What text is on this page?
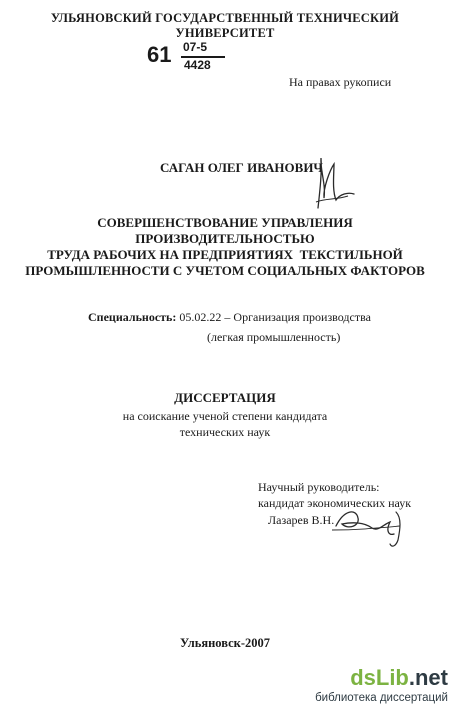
УЛЬЯНОВСКИЙ ГОСУДАРСТВЕННЫЙ ТЕХНИЧЕСКИЙ УНИВЕРСИТЕТ
61 07-5
4428
На правах рукописи
САГАН ОЛЕГ ИВАНОВИЧ
СОВЕРШЕНСТВОВАНИЕ УПРАВЛЕНИЯ
ПРОИЗВОДИТЕЛЬНОСТЬЮ
ТРУДА РАБОЧИХ НА ПРЕДПРИЯТИЯХ  ТЕКСТИЛЬНОЙ
ПРОМЫШЛЕННОСТИ С УЧЕТОМ СОЦИАЛЬНЫХ ФАКТОРОВ
Специальность: 05.02.22 – Организация производства
(легкая промышленность)
ДИССЕРТАЦИЯ
на соискание ученой степени кандидата
технических наук
Научный руководитель:
кандидат экономических наук
Лазарев В.Н.
Ульяновск-2007
dsLib.net
библиотека диссертаций
